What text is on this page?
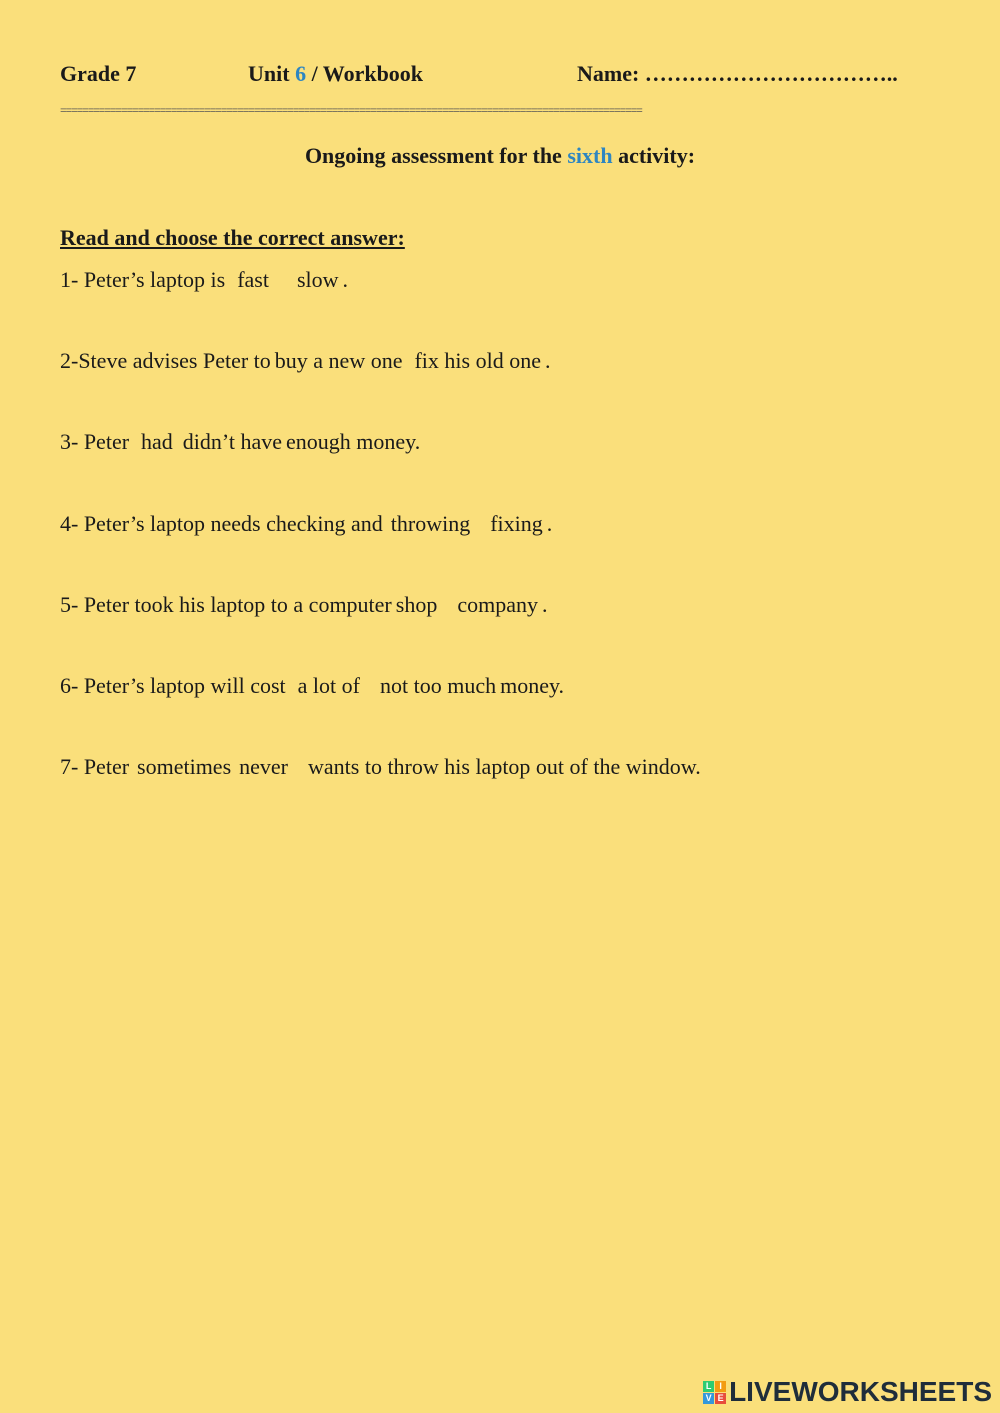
Grade 7	Unit 6 / Workbook	Name: ……………………………..
=========================================================================================================
Ongoing assessment for the sixth activity:
Read and choose the correct answer:
1- Peter’s laptop is fast slow .
2-Steve advises Peter to buy a new one fix his old one .
3- Peter had didn’t have enough money.
4- Peter’s laptop needs checking and throwing fixing .
5- Peter took his laptop to a computer shop company .
6- Peter’s laptop will cost a lot of not too much money.
7- Peter sometimes never wants to throw his laptop out of the window.
L I
V E LIVEWORKSHEETS
